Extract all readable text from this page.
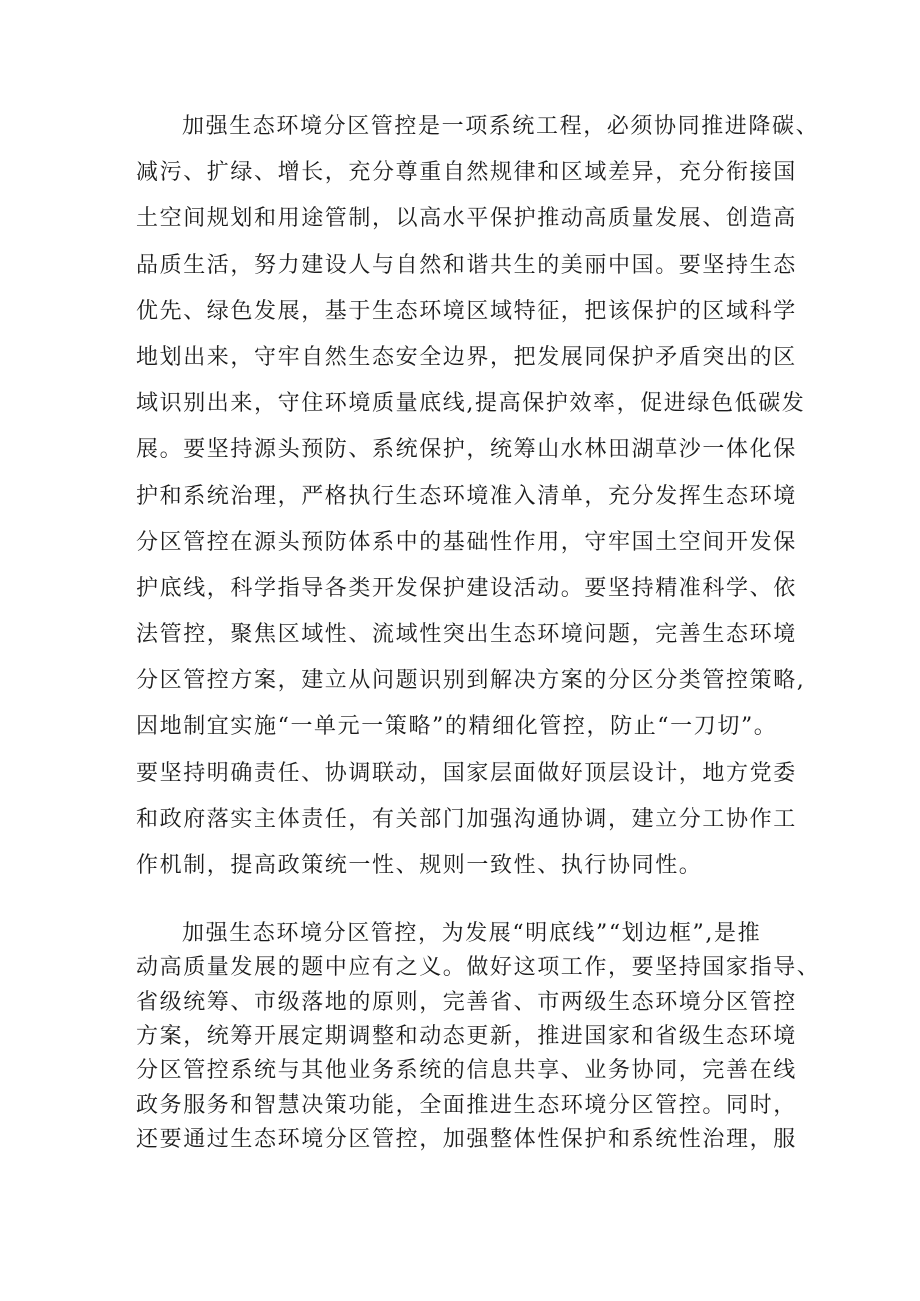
加强生态环境分区管控是一项系统工程，必须协同推进降碳、
减污、扩绿、增长，充分尊重自然规律和区域差异，充分衔接国
土空间规划和用途管制，以高水平保护推动高质量发展、创造高
品质生活，努力建设人与自然和谐共生的美丽中国。要坚持生态
优先、绿色发展，基于生态环境区域特征，把该保护的区域科学
地划出来，守牢自然生态安全边界，把发展同保护矛盾突出的区
域识别出来，守住环境质量底线,提高保护效率，促进绿色低碳发
展。要坚持源头预防、系统保护，统筹山水林田湖草沙一体化保
护和系统治理，严格执行生态环境准入清单，充分发挥生态环境
分区管控在源头预防体系中的基础性作用，守牢国土空间开发保
护底线，科学指导各类开发保护建设活动。要坚持精准科学、依
法管控，聚焦区域性、流域性突出生态环境问题，完善生态环境
分区管控方案，建立从问题识别到解决方案的分区分类管控策略,
因地制宜实施“一单元一策略”的精细化管控，防止“一刀切”。
要坚持明确责任、协调联动，国家层面做好顶层设计，地方党委
和政府落实主体责任，有关部门加强沟通协调，建立分工协作工
作机制，提高政策统一性、规则一致性、执行协同性。

加强生态环境分区管控，为发展“明底线”“划边框”,是推
动高质量发展的题中应有之义。做好这项工作，要坚持国家指导、
省级统筹、市级落地的原则，完善省、市两级生态环境分区管控
方案，统筹开展定期调整和动态更新，推进国家和省级生态环境
分区管控系统与其他业务系统的信息共享、业务协同，完善在线
政务服务和智慧决策功能，全面推进生态环境分区管控。同时，
还要通过生态环境分区管控，加强整体性保护和系统性治理，服
